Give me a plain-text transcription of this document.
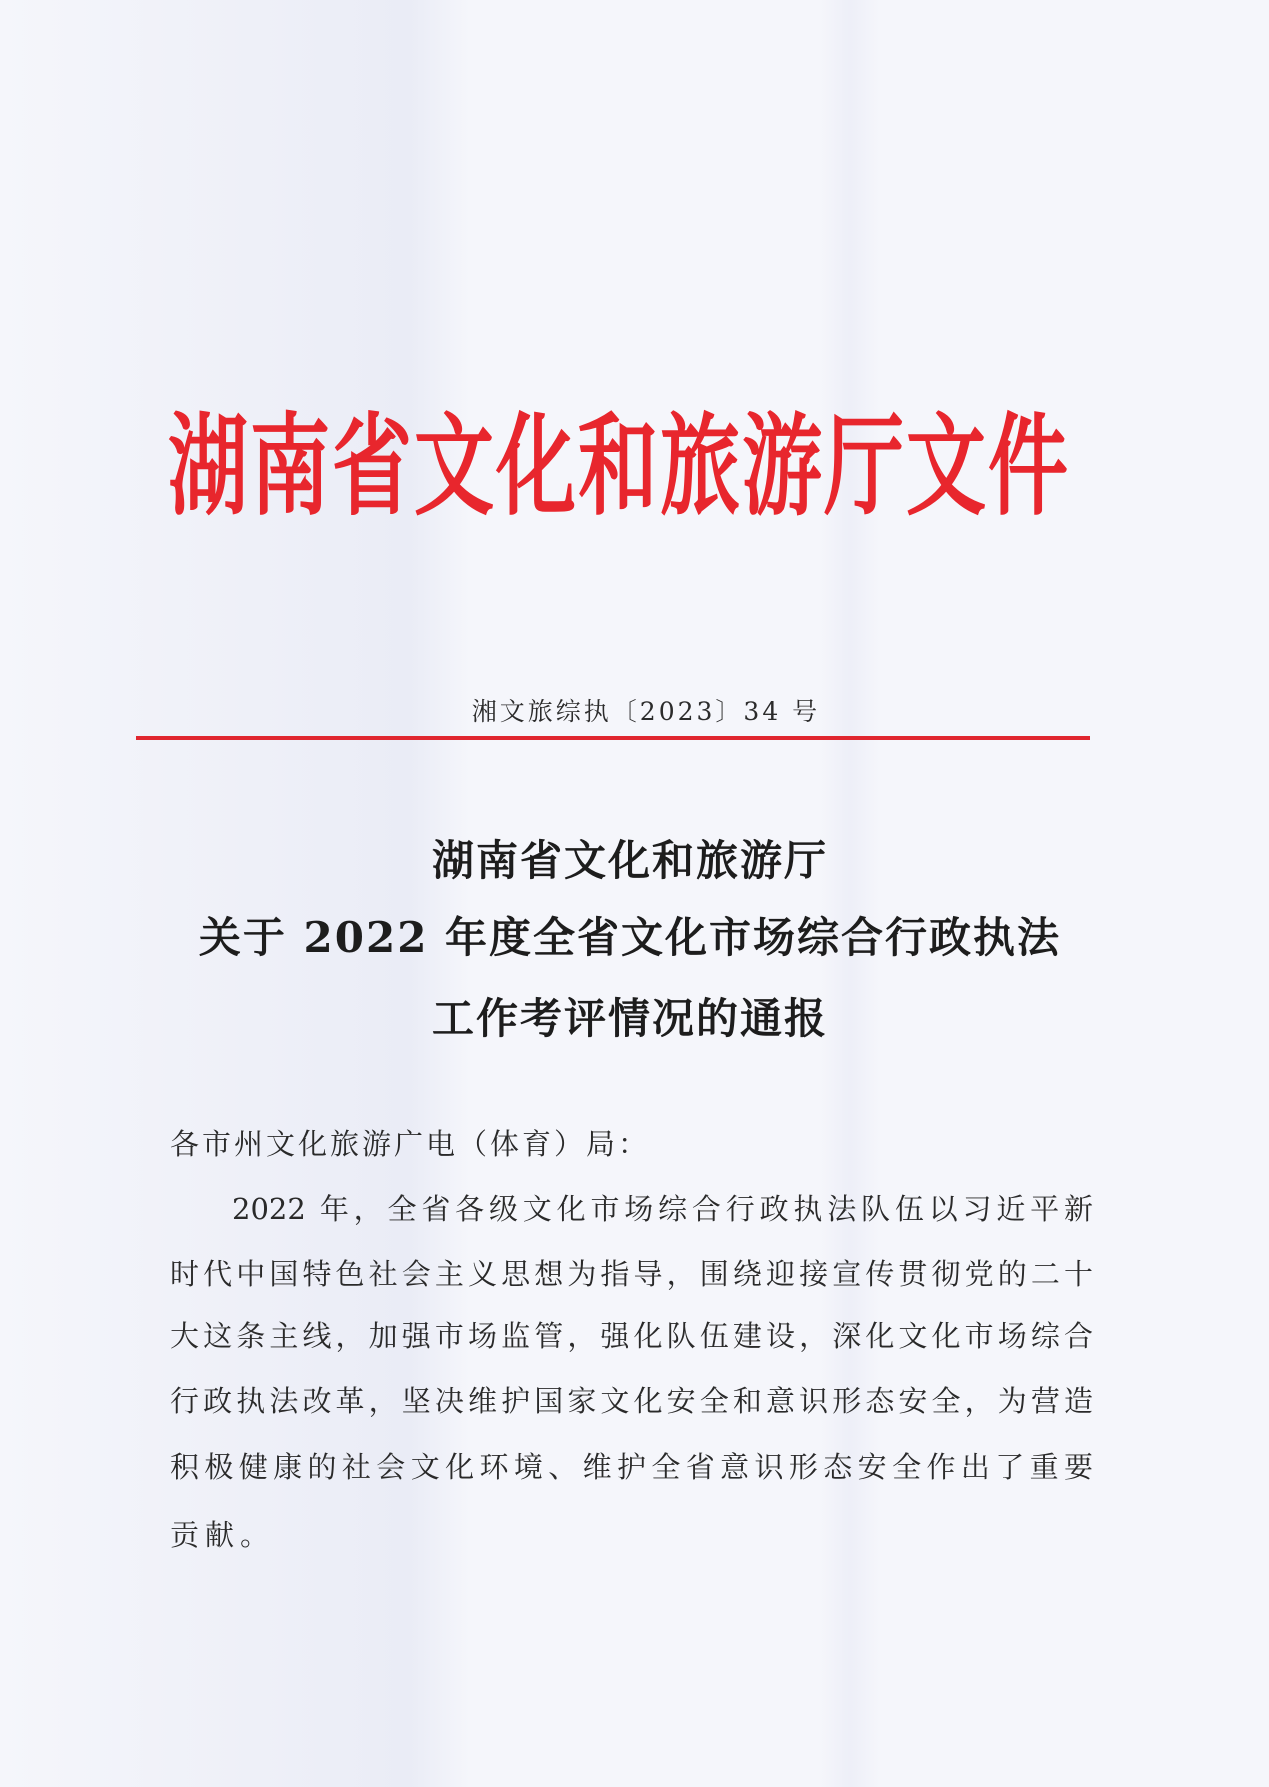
湖南省文化和旅游厅文件
湘文旅综执〔2023〕34 号
湖南省文化和旅游厅
关于 2022 年度全省文化市场综合行政执法
工作考评情况的通报
各市州文化旅游广电（体育）局：
2022 年，全省各级文化市场综合行政执法队伍以习近平新
时代中国特色社会主义思想为指导，围绕迎接宣传贯彻党的二十
大这条主线，加强市场监管，强化队伍建设，深化文化市场综合
行政执法改革，坚决维护国家文化安全和意识形态安全，为营造
积极健康的社会文化环境、维护全省意识形态安全作出了重要
贡献。
